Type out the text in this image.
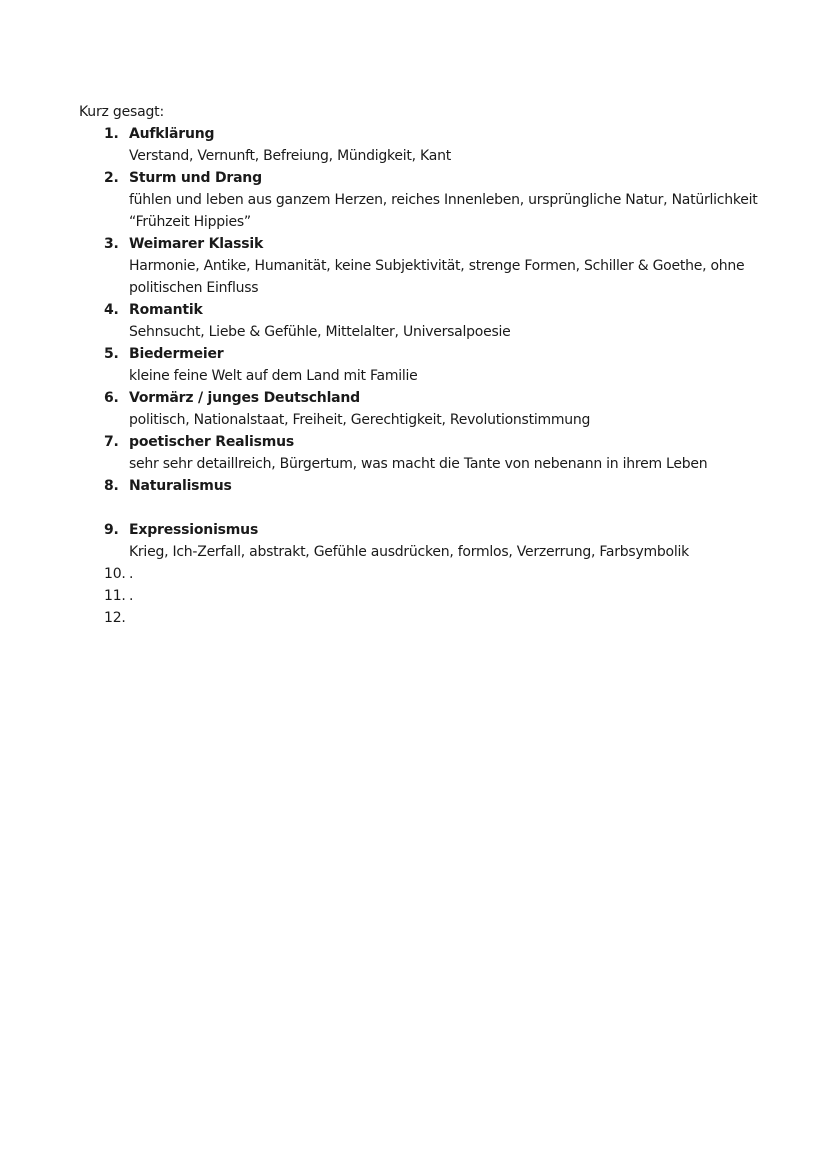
Kurz gesagt:
1. Aufklärung
Verstand, Vernunft, Befreiung, Mündigkeit, Kant
2. Sturm und Drang
fühlen und leben aus ganzem Herzen, reiches Innenleben, ursprüngliche Natur, Natürlichkeit
“Frühzeit Hippies”
3. Weimarer Klassik
Harmonie, Antike, Humanität, keine Subjektivität, strenge Formen, Schiller & Goethe, ohne
politischen Einfluss
4. Romantik
Sehnsucht, Liebe & Gefühle, Mittelalter, Universalpoesie
5. Biedermeier
kleine feine Welt auf dem Land mit Familie
6. Vormärz / junges Deutschland
politisch, Nationalstaat, Freiheit, Gerechtigkeit, Revolutionstimmung
7. poetischer Realismus
sehr sehr detaillreich, Bürgertum, was macht die Tante von nebenann in ihrem Leben
8. Naturalismus
9. Expressionismus
Krieg, Ich-Zerfall, abstrakt, Gefühle ausdrücken, formlos, Verzerrung, Farbsymbolik
10. .
11. .
12.
